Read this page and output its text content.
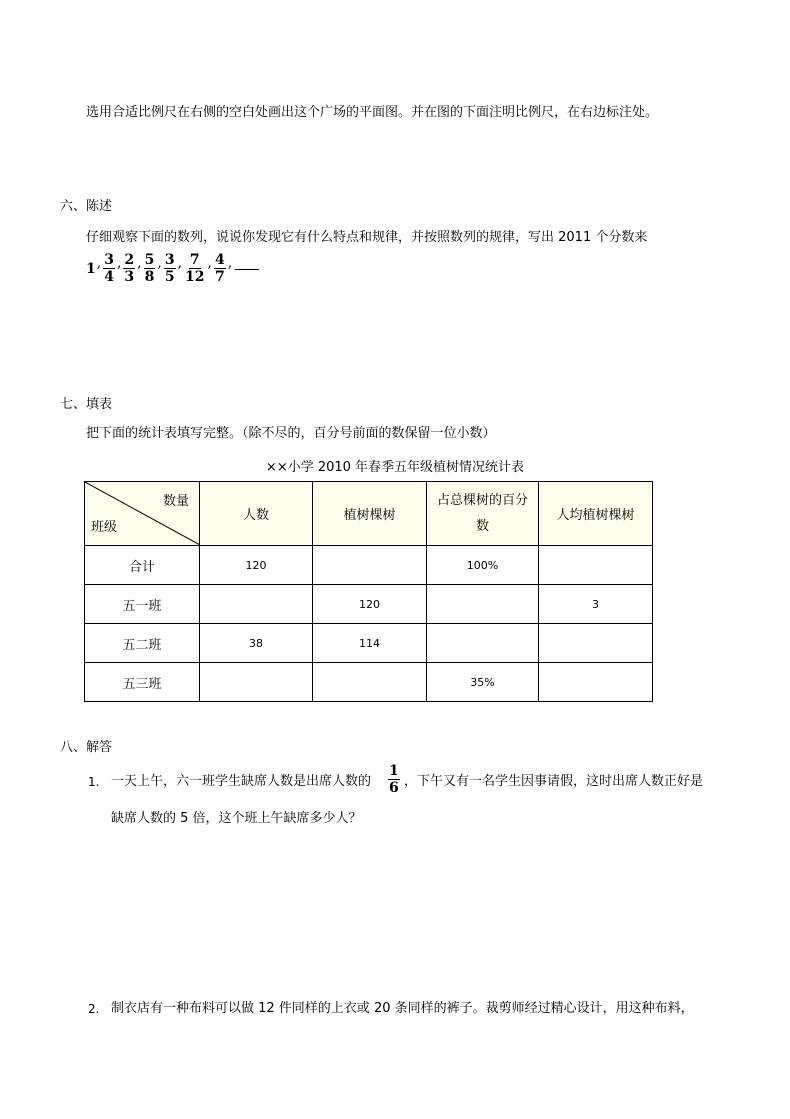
选用合适比例尺在右侧的空白处画出这个广场的平面图。并在图的下面注明比例尺，在右边标注处。
六、陈述
仔细观察下面的数列，说说你发现它有什么特点和规律，并按照数列的规律，写出 2011 个分数来
1 , $\frac{3}{4}$ , $\frac{2}{3}$ , $\frac{5}{8}$ , $\frac{3}{5}$ , $\frac{7}{12}$ , $\frac{4}{7}$ ,
七、填表
把下面的统计表填写完整。（除不尽的，百分号前面的数保留一位小数）
××小学 2010 年春季五年级植树情况统计表
数量
班级	人数	植树棵树	占总棵树的百分数	人均植树棵树
合计	120		100%	
五一班		120		3
五二班	38	114		
五三班			35%	
八、解答
1. 一天上午，六一班学生缺席人数是出席人数的 $\frac{1}{6}$ ，下午又有一名学生因事请假，这时出席人数正好是
缺席人数的 5 倍，这个班上午缺席多少人？
2. 制衣店有一种布料可以做 12 件同样的上衣或 20 条同样的裤子。裁剪师经过精心设计，用这种布料，
